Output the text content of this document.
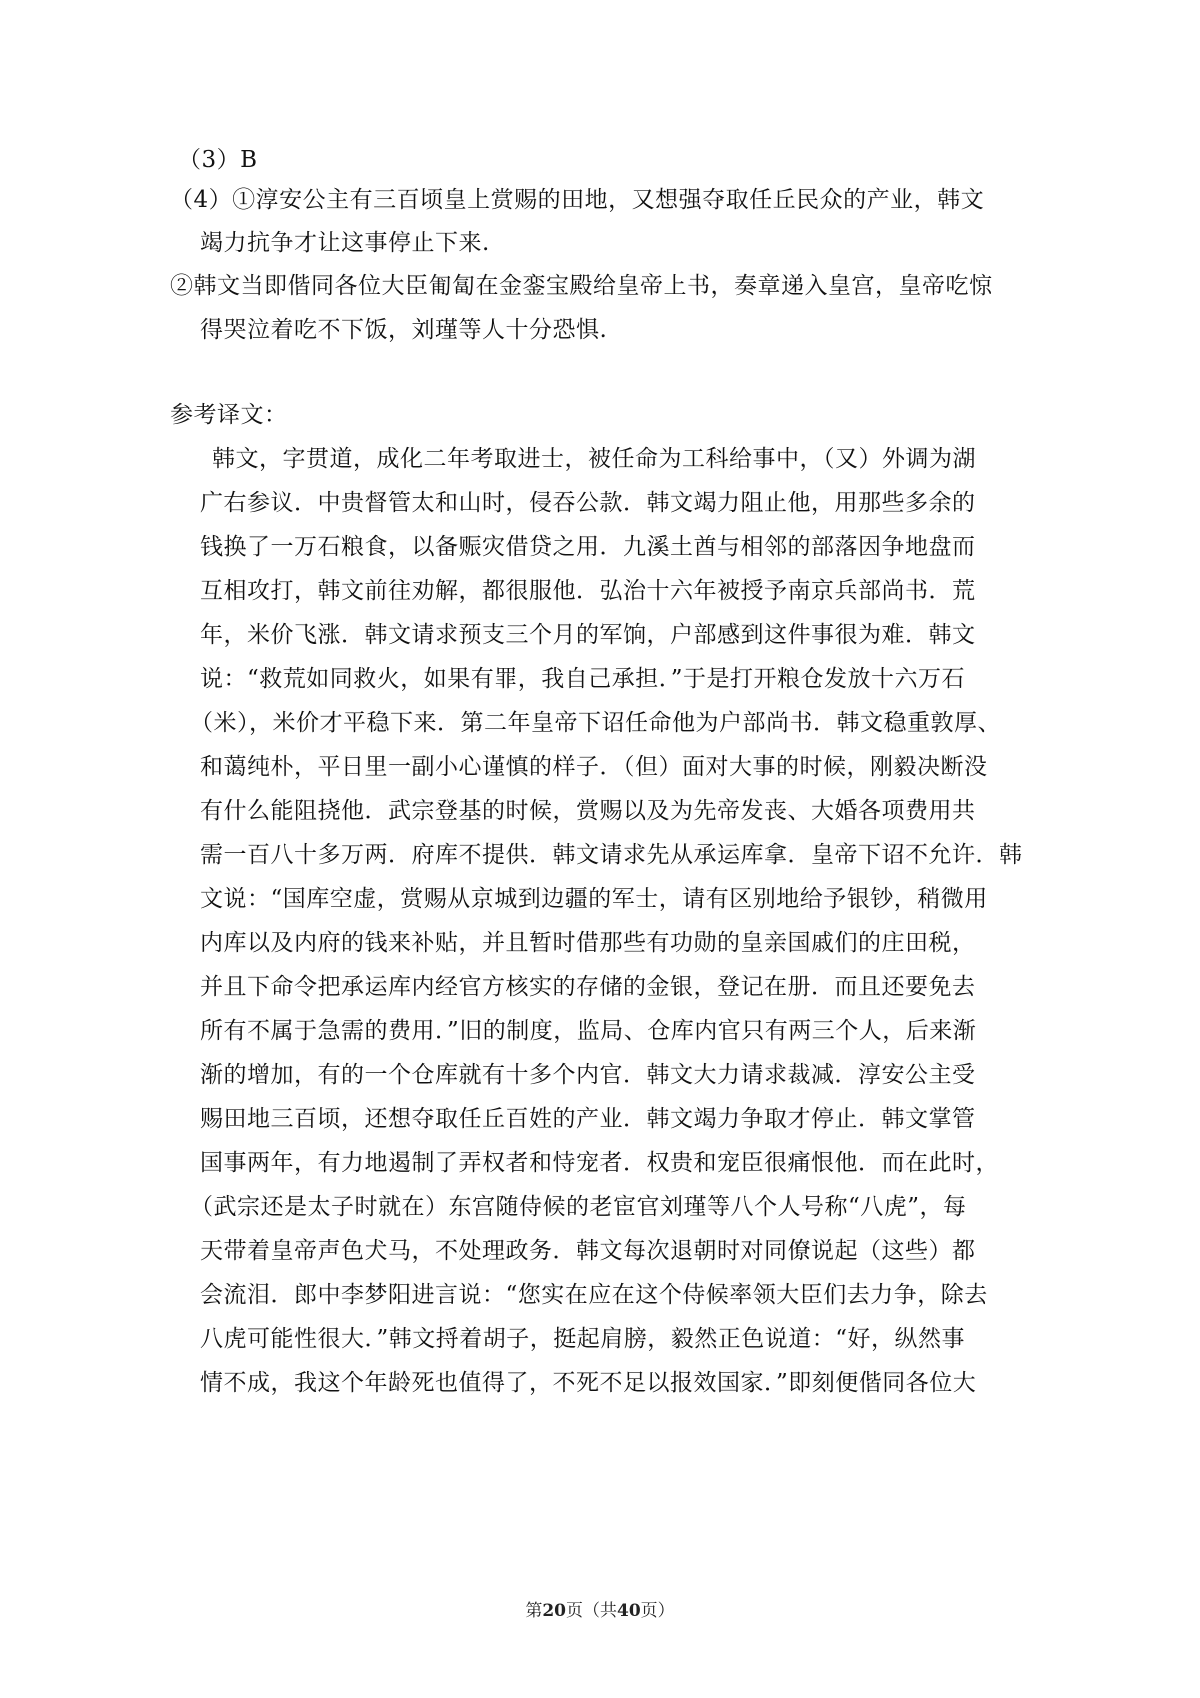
（3）B
（4）①淳安公主有三百顷皇上赏赐的田地，又想强夺取任丘民众的产业，韩文
竭力抗争才让这事停止下来.
②韩文当即偕同各位大臣匍匐在金銮宝殿给皇帝上书，奏章递入皇宫，皇帝吃惊
得哭泣着吃不下饭，刘瑾等人十分恐惧.
参考译文：
韩文，字贯道，成化二年考取进士，被任命为工科给事中，（又）外调为湖
广右参议．中贵督管太和山时，侵吞公款．韩文竭力阻止他，用那些多余的
钱换了一万石粮食，以备赈灾借贷之用．九溪土酋与相邻的部落因争地盘而
互相攻打，韩文前往劝解，都很服他．弘治十六年被授予南京兵部尚书．荒
年，米价飞涨．韩文请求预支三个月的军饷，户部感到这件事很为难．韩文
说：“救荒如同救火，如果有罪，我自己承担．”于是打开粮仓发放十六万石
（米），米价才平稳下来．第二年皇帝下诏任命他为户部尚书．韩文稳重敦厚、
和蔼纯朴，平日里一副小心谨慎的样子．（但）面对大事的时候，刚毅决断没
有什么能阻挠他．武宗登基的时候，赏赐以及为先帝发丧、大婚各项费用共
需一百八十多万两．府库不提供．韩文请求先从承运库拿．皇帝下诏不允许．韩
文说：“国库空虚，赏赐从京城到边疆的军士，请有区别地给予银钞，稍微用
内库以及内府的钱来补贴，并且暂时借那些有功勋的皇亲国戚们的庄田税，
并且下命令把承运库内经官方核实的存储的金银，登记在册．而且还要免去
所有不属于急需的费用．”旧的制度，监局、仓库内官只有两三个人，后来渐
渐的增加，有的一个仓库就有十多个内官．韩文大力请求裁减．淳安公主受
赐田地三百顷，还想夺取任丘百姓的产业．韩文竭力争取才停止．韩文掌管
国事两年，有力地遏制了弄权者和恃宠者．权贵和宠臣很痛恨他．而在此时，
（武宗还是太子时就在）东宫随侍候的老宦官刘瑾等八个人号称“八虎”，每
天带着皇帝声色犬马，不处理政务．韩文每次退朝时对同僚说起（这些）都
会流泪．郎中李梦阳进言说：“您实在应在这个侍候率领大臣们去力争，除去
八虎可能性很大．”韩文捋着胡子，挺起肩膀，毅然正色说道：“好，纵然事
情不成，我这个年龄死也值得了，不死不足以报效国家．”即刻便偕同各位大
第20页（共40页）
